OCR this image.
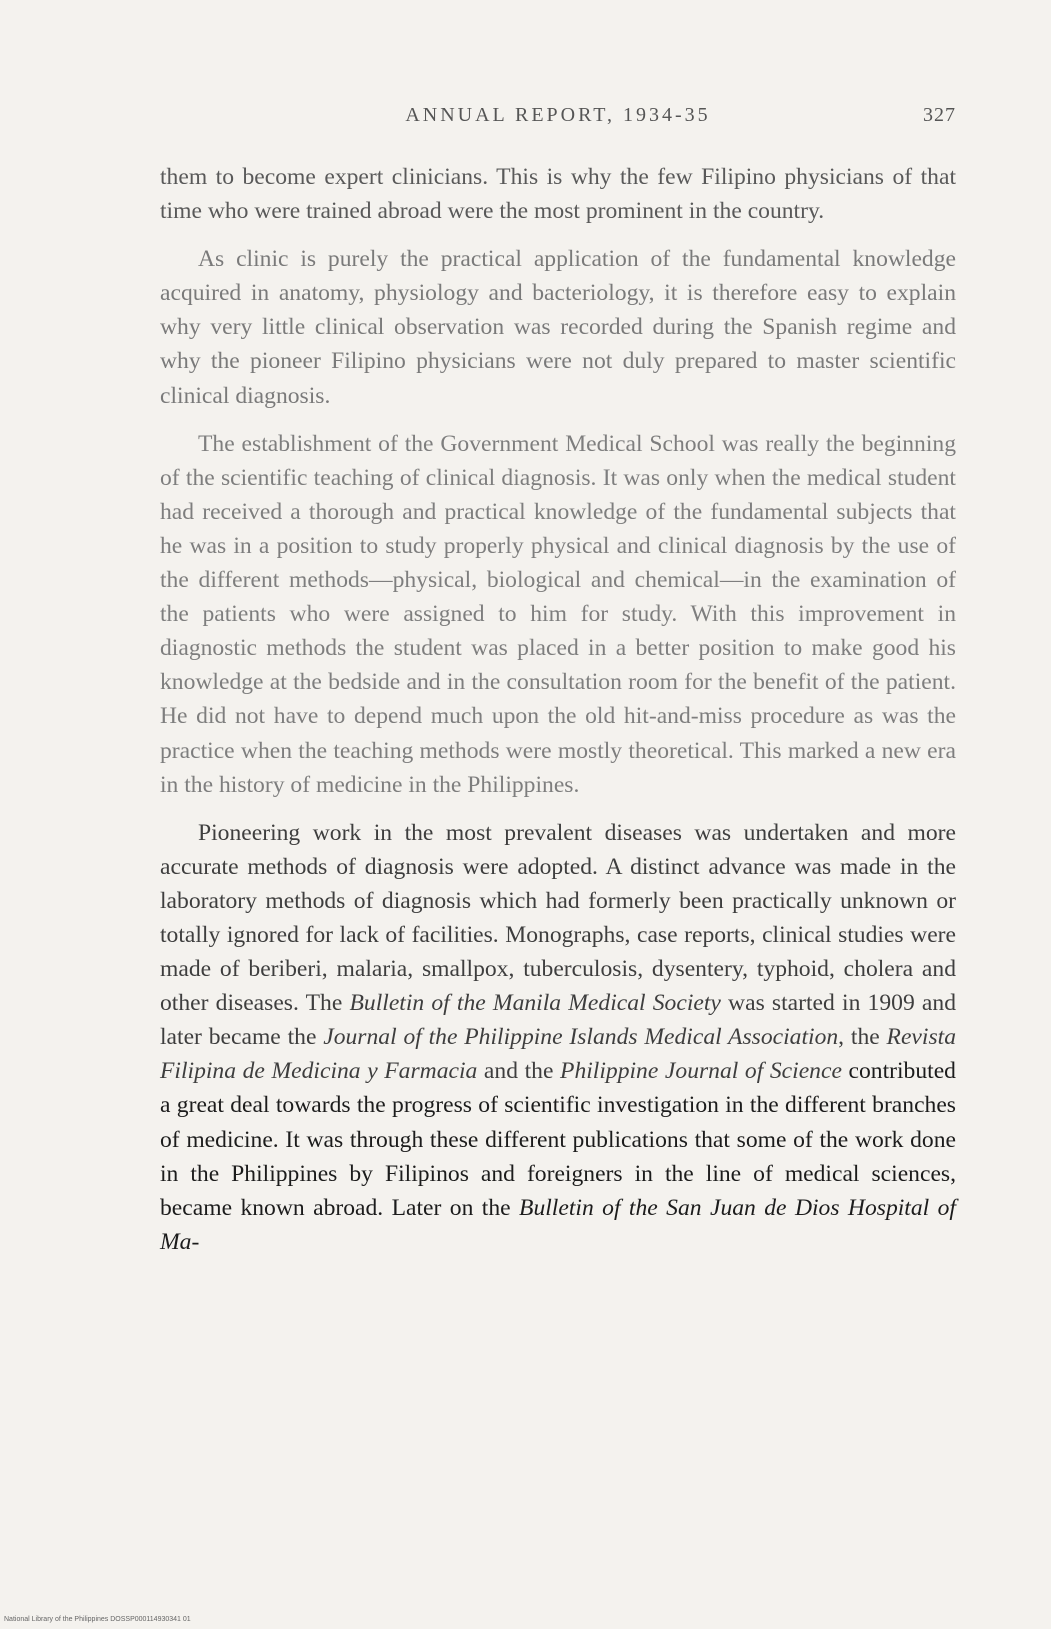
ANNUAL REPORT, 1934-35	327

them to become expert clinicians. This is why the few Filipino physicians of that time who were trained abroad were the most prominent in the country.

As clinic is purely the practical application of the fundamental knowledge acquired in anatomy, physiology and bacteriology, it is therefore easy to explain why very little clinical observation was recorded during the Spanish regime and why the pioneer Filipino physicians were not duly prepared to master scientific clinical diagnosis.

The establishment of the Government Medical School was really the beginning of the scientific teaching of clinical diagnosis. It was only when the medical student had received a thorough and practical knowledge of the fundamental subjects that he was in a position to study properly physical and clinical diagnosis by the use of the different methods—physical, biological and chemical—in the examination of the patients who were assigned to him for study. With this improvement in diagnostic methods the student was placed in a better position to make good his knowledge at the bedside and in the consultation room for the benefit of the patient. He did not have to depend much upon the old hit-and-miss procedure as was the practice when the teaching methods were mostly theoretical. This marked a new era in the history of medicine in the Philippines.

Pioneering work in the most prevalent diseases was undertaken and more accurate methods of diagnosis were adopted. A distinct advance was made in the laboratory methods of diagnosis which had formerly been practically unknown or totally ignored for lack of facilities. Monographs, case reports, clinical studies were made of beriberi, malaria, smallpox, tuberculosis, dysentery, typhoid, cholera and other diseases. The Bulletin of the Manila Medical Society was started in 1909 and later became the Journal of the Philippine Islands Medical Association, the Revista Filipina de Medicina y Farmacia and the Philippine Journal of Science contributed a great deal towards the progress of scientific investigation in the different branches of medicine. It was through these different publications that some of the work done in the Philippines by Filipinos and foreigners in the line of medical sciences, became known abroad. Later on the Bulletin of the San Juan de Dios Hospital of Ma-

National Library of the Philippines DOSSP000114930341 01
